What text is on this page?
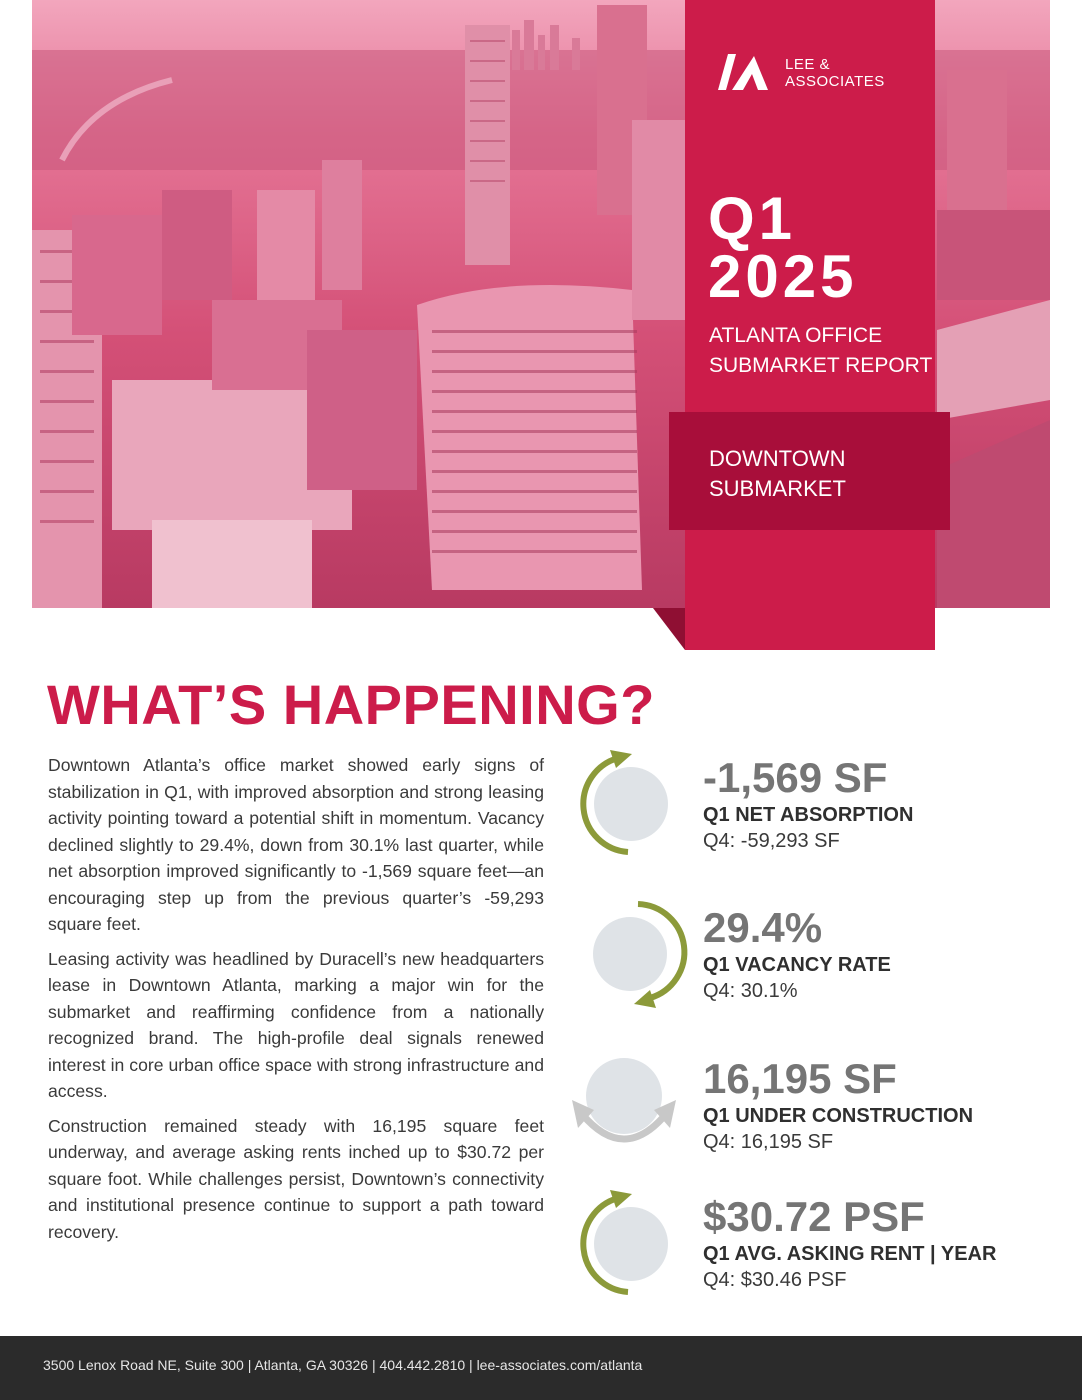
LEE &
ASSOCIATES
Q1
2025
ATLANTA OFFICE
SUBMARKET REPORT
DOWNTOWN
SUBMARKET
WHAT’S HAPPENING?

Downtown Atlanta’s office market showed early signs of stabilization in Q1, with improved absorption and strong leasing activity pointing toward a potential shift in momentum. Vacancy declined slightly to 29.4%, down from 30.1% last quarter, while net absorption improved significantly to -1,569 square feet—an encouraging step up from the previous quarter’s -59,293 square feet.

Leasing activity was headlined by Duracell’s new headquarters lease in Downtown Atlanta, marking a major win for the submarket and reaffirming confidence from a nationally recognized brand. The high-profile deal signals renewed interest in core urban office space with strong infrastructure and access.

Construction remained steady with 16,195 square feet underway, and average asking rents inched up to $30.72 per square foot. While challenges persist, Downtown’s connectivity and institutional presence continue to support a path toward recovery.

-1,569 SF
Q1 NET ABSORPTION
Q4: -59,293 SF
29.4%
Q1 VACANCY RATE
Q4: 30.1%
16,195 SF
Q1 UNDER CONSTRUCTION
Q4: 16,195 SF
$30.72 PSF
Q1 AVG. ASKING RENT | YEAR
Q4: $30.46 PSF
3500 Lenox Road NE, Suite 300 | Atlanta, GA 30326 | 404.442.2810 | lee-associates.com/atlanta
